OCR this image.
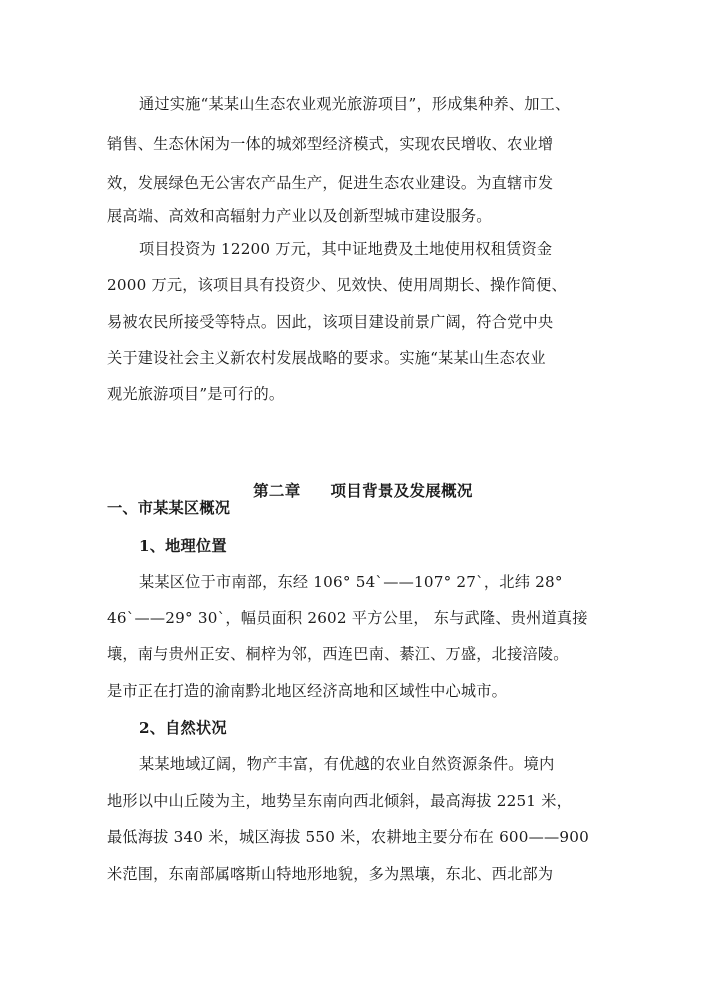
通过实施“某某山生态农业观光旅游项目”，形成集种养、加工、
销售、生态休闲为一体的城郊型经济模式，实现农民增收、农业增
效，发展绿色无公害农产品生产，促进生态农业建设。为直辖市发
展高端、高效和高辐射力产业以及创新型城市建设服务。
项目投资为 12200 万元，其中证地费及土地使用权租赁资金
2000 万元，该项目具有投资少、见效快、使用周期长、操作简便、
易被农民所接受等特点。因此，该项目建设前景广阔，符合党中央
关于建设社会主义新农村发展战略的要求。实施“某某山生态农业
观光旅游项目”是可行的。

第二章 项目背景及发展概况

一、市某某区概况
1、地理位置
某某区位于市南部，东经 106° 54`——107° 27`，北纬 28°
46`——29° 30`，幅员面积 2602 平方公里， 东与武隆、贵州道真接
壤，南与贵州正安、桐梓为邻，西连巴南、綦江、万盛，北接涪陵。
是市正在打造的渝南黔北地区经济高地和区域性中心城市。
2、自然状况
某某地域辽阔，物产丰富，有优越的农业自然资源条件。境内
地形以中山丘陵为主，地势呈东南向西北倾斜，最高海拔 2251 米，
最低海拔 340 米，城区海拔 550 米，农耕地主要分布在 600——900
米范围，东南部属喀斯山特地形地貌，多为黑壤，东北、西北部为
